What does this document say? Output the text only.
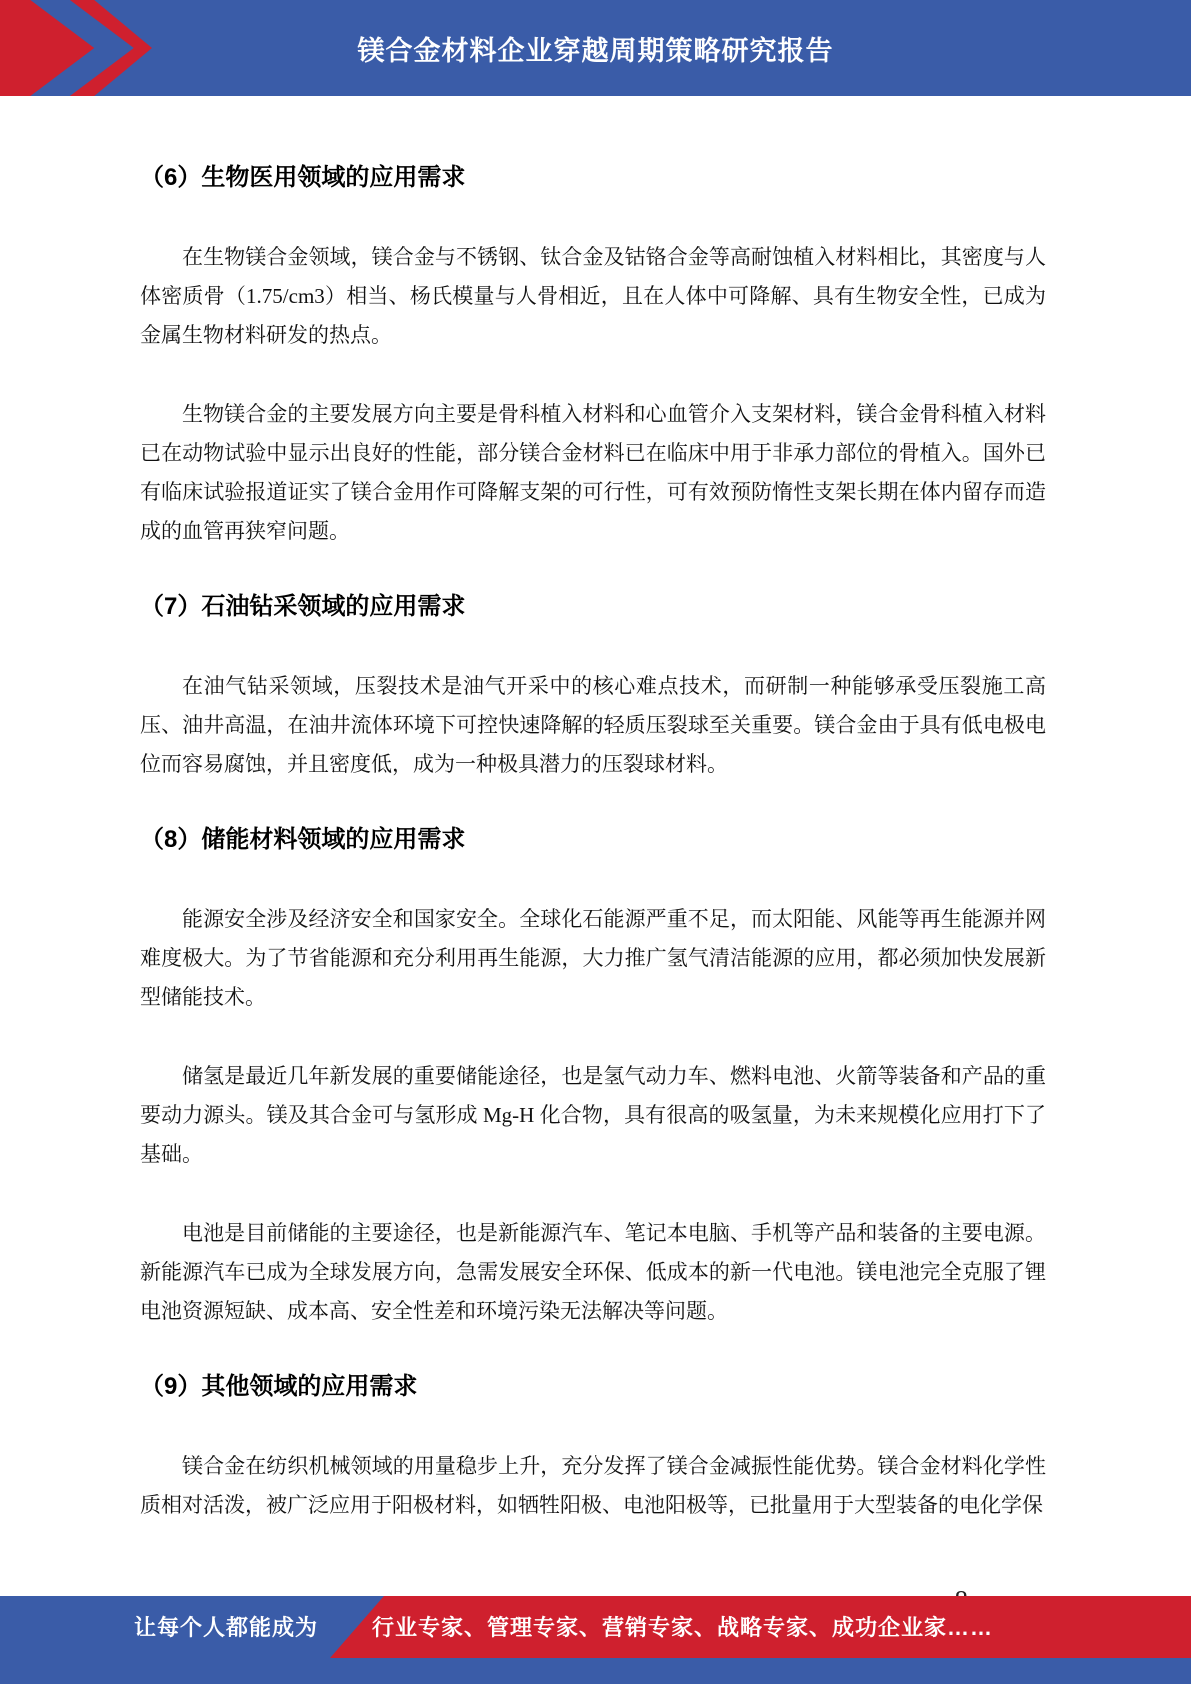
镁合金材料企业穿越周期策略研究报告
（6）生物医用领域的应用需求

在生物镁合金领域，镁合金与不锈钢、钛合金及钴铬合金等高耐蚀植入材料相比，其密度与人体密质骨（1.75/cm3）相当、杨氏模量与人骨相近，且在人体中可降解、具有生物安全性，已成为金属生物材料研发的热点。

生物镁合金的主要发展方向主要是骨科植入材料和心血管介入支架材料，镁合金骨科植入材料已在动物试验中显示出良好的性能，部分镁合金材料已在临床中用于非承力部位的骨植入。国外已有临床试验报道证实了镁合金用作可降解支架的可行性，可有效预防惰性支架长期在体内留存而造成的血管再狭窄问题。

（7）石油钻采领域的应用需求

在油气钻采领域，压裂技术是油气开采中的核心难点技术，而研制一种能够承受压裂施工高压、油井高温，在油井流体环境下可控快速降解的轻质压裂球至关重要。镁合金由于具有低电极电位而容易腐蚀，并且密度低，成为一种极具潜力的压裂球材料。

（8）储能材料领域的应用需求

能源安全涉及经济安全和国家安全。全球化石能源严重不足，而太阳能、风能等再生能源并网难度极大。为了节省能源和充分利用再生能源，大力推广氢气清洁能源的应用，都必须加快发展新型储能技术。

储氢是最近几年新发展的重要储能途径，也是氢气动力车、燃料电池、火箭等装备和产品的重要动力源头。镁及其合金可与氢形成 Mg-H 化合物，具有很高的吸氢量，为未来规模化应用打下了基础。

电池是目前储能的主要途径，也是新能源汽车、笔记本电脑、手机等产品和装备的主要电源。新能源汽车已成为全球发展方向，急需发展安全环保、低成本的新一代电池。镁电池完全克服了锂电池资源短缺、成本高、安全性差和环境污染无法解决等问题。

（9）其他领域的应用需求

镁合金在纺织机械领域的用量稳步上升，充分发挥了镁合金减振性能优势。镁合金材料化学性质相对活泼，被广泛应用于阳极材料，如牺牲阳极、电池阳极等，已批量用于大型装备的电化学保

让每个人都能成为 行业专家、管理专家、营销专家、战略专家、成功企业家……
